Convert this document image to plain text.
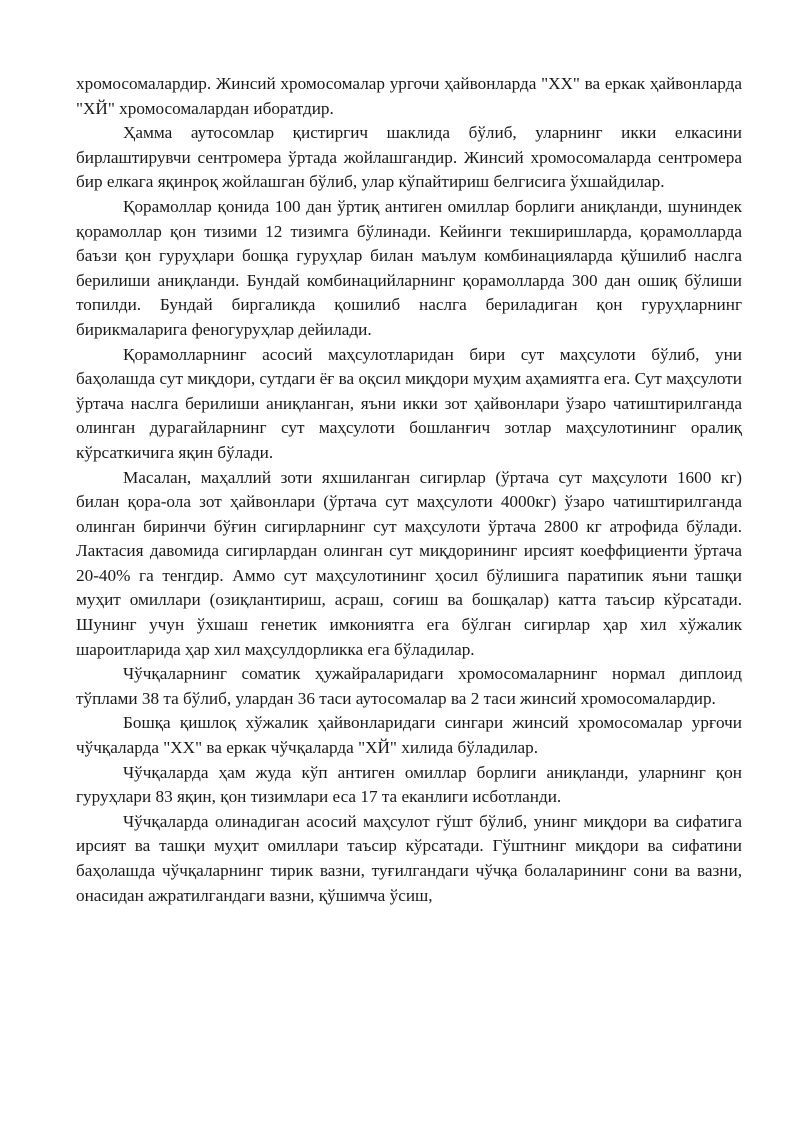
хромосомалардир. Жинсий хромосомалар ургочи ҳайвонларда "ХХ" ва еркак ҳайвонларда "ХЙ" хромосомалардан иборатдир.

Ҳамма аутосомлар қистиргич шаклида бўлиб, уларнинг икки елкасини бирлаштирувчи сентромера ўртада жойлашгандир. Жинсий хромосомаларда сентромера бир елкага яқинроқ жойлашган бўлиб, улар кўпайтириш белгисига ўхшайдилар.

Қорамоллар қонида 100 дан ўртиқ антиген омиллар борлиги аниқланди, шуниндек қорамоллар қон тизими 12 тизимга бўлинади. Кейинги текширишларда, қорамолларда баъзи қон гуруҳлари бошқа гуруҳлар билан маълум комбинацияларда қўшилиб наслга берилиши аниқланди. Бундай комбинацийларнинг қорамолларда 300 дан ошиқ бўлиши топилди. Бундай биргаликда қошилиб наслга бериладиган қон гуруҳларнинг бирикмаларига феногуруҳлар дейилади.

Қорамолларнинг асосий маҳсулотларидан бири сут маҳсулоти бўлиб, уни баҳолашда сут миқдори, сутдаги ёғ ва оқсил миқдори муҳим аҳамиятга ега. Сут маҳсулоти ўртача наслга берилиши аниқланган, яъни икки зот ҳайвонлари ўзаро чатиштирилганда олинган дурагайларнинг сут маҳсулоти бошланғич зотлар маҳсулотининг оралиқ кўрсаткичига яқин бўлади.

Масалан, маҳаллий зоти яхшиланган сигирлар (ўртача сут маҳсулоти 1600 кг) билан қора-ола зот ҳайвонлари (ўртача сут маҳсулоти 4000кг) ўзаро чатиштирилганда олинган биринчи бўғин сигирларнинг сут маҳсулоти ўртача 2800 кг атрофида бўлади. Лактасия давомида сигирлардан олинган сут миқдорининг ирсият коеффициенти ўртача 20-40% га тенгдир. Аммо сут маҳсулотининг ҳосил бўлишига паратипик яъни ташқи муҳит омиллари (озиқлантириш, асраш, соғиш ва бошқалар) катта таъсир кўрсатади. Шунинг учун ўхшаш генетик имкониятга ега бўлган сигирлар ҳар хил хўжалик шароитларида ҳар хил маҳсулдорликка ега бўладилар.

Чўчқаларнинг соматик ҳужайраларидаги хромосомаларнинг нормал диплоид тўплами 38 та бўлиб, улардан 36 таси аутосомалар ва 2 таси жинсий хромосомалардир.

Бошқа қишлоқ хўжалик ҳайвонларидаги сингари жинсий хромосомалар урғочи чўчқаларда "ХХ" ва еркак чўчқаларда "ХЙ" хилида бўладилар.

Чўчқаларда ҳам жуда кўп антиген омиллар борлиги аниқланди, уларнинг қон гуруҳлари 83 яқин, қон тизимлари еса 17 та еканлиги исботланди.

Чўчқаларда олинадиган асосий маҳсулот гўшт бўлиб, унинг миқдори ва сифатига ирсият ва ташқи муҳит омиллари таъсир кўрсатади. Гўштнинг миқдори ва сифатини баҳолашда чўчқаларнинг тирик вазни, туғилгандаги чўчқа болаларининг сони ва вазни, онасидан ажратилгандаги вазни, қўшимча ўсиш,
